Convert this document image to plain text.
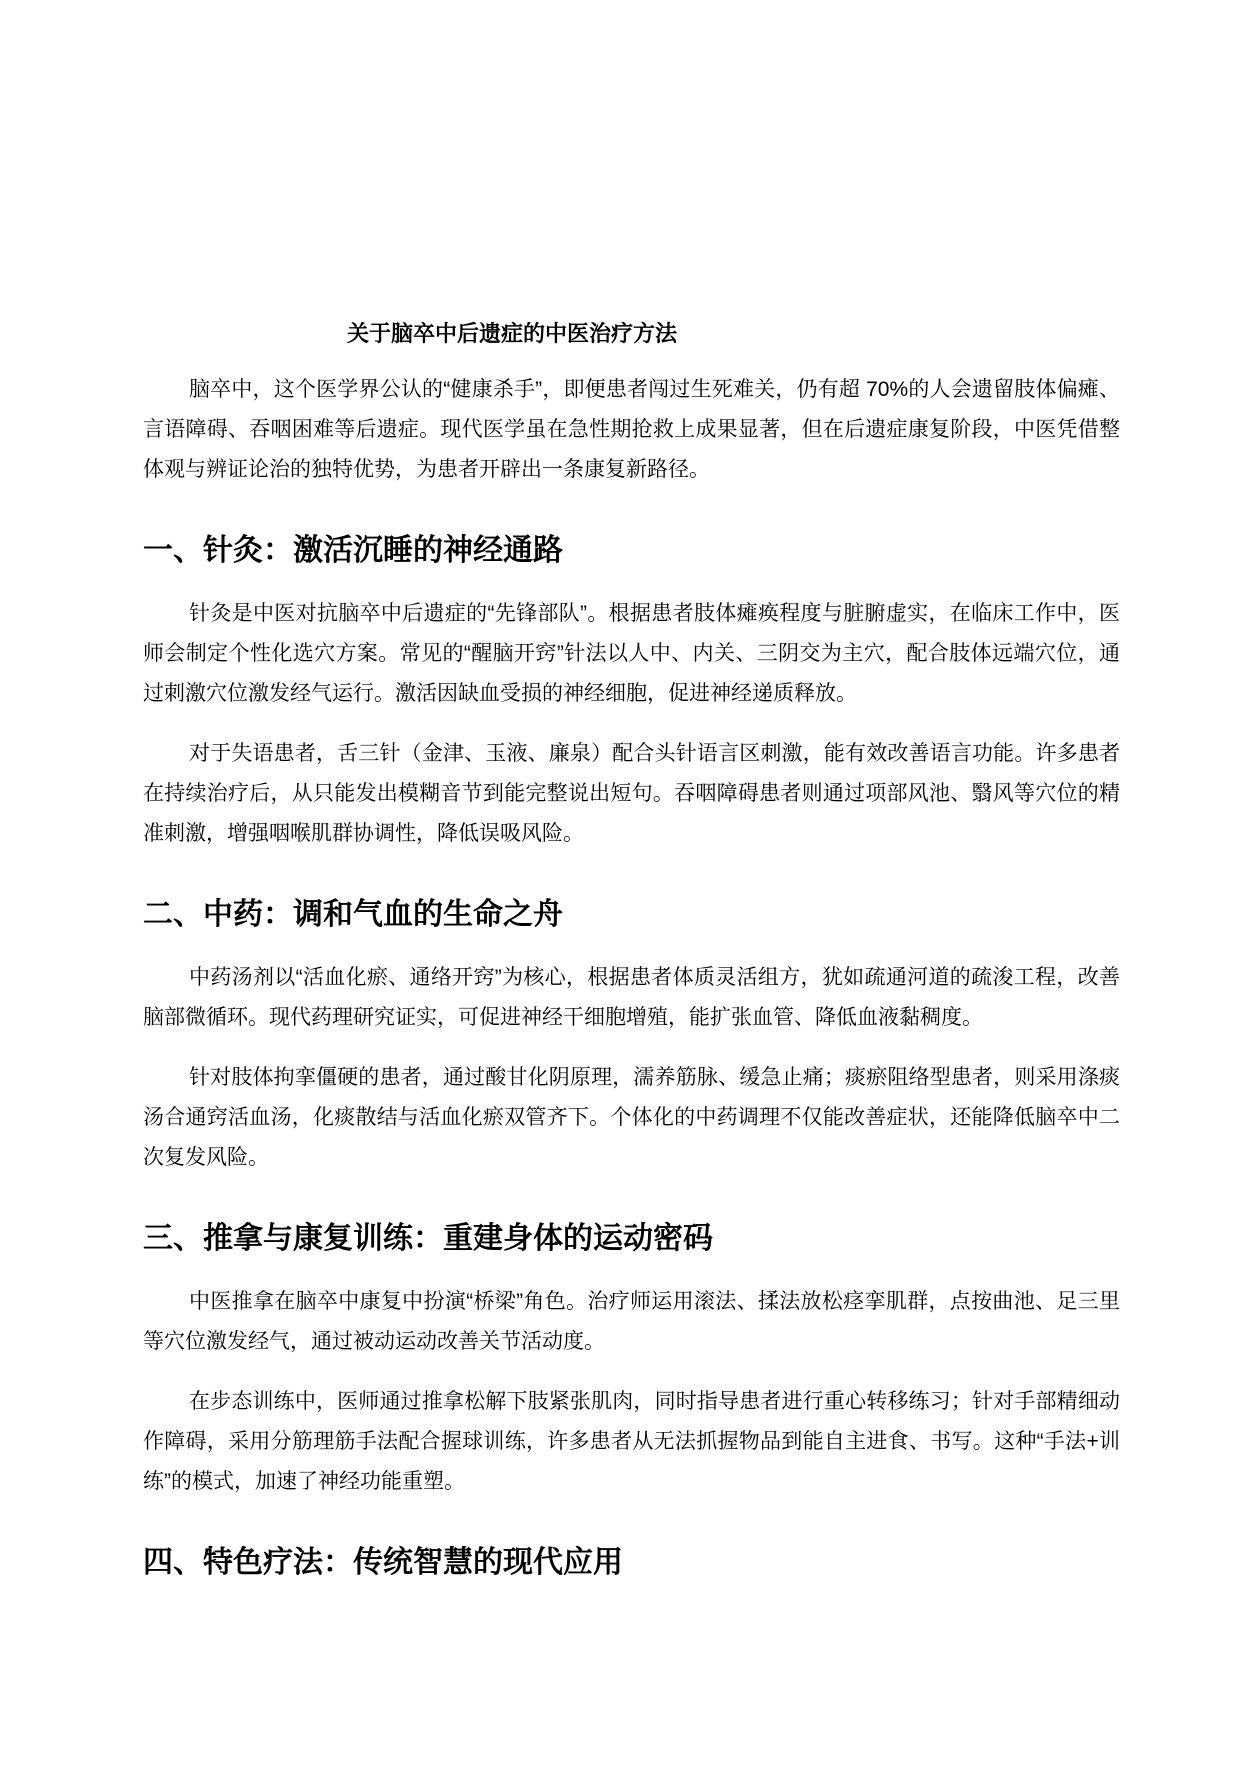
关于脑卒中后遗症的中医治疗方法

脑卒中，这个医学界公认的“健康杀手”，即便患者闯过生死难关，仍有超 70%的人会遗留肢体偏瘫、言语障碍、吞咽困难等后遗症。现代医学虽在急性期抢救上成果显著，但在后遗症康复阶段，中医凭借整体观与辨证论治的独特优势，为患者开辟出一条康复新路径。

一、针灸：激活沉睡的神经通路

针灸是中医对抗脑卒中后遗症的“先锋部队”。根据患者肢体瘫痪程度与脏腑虚实，在临床工作中，医师会制定个性化选穴方案。常见的“醒脑开窍”针法以人中、内关、三阴交为主穴，配合肢体远端穴位，通过刺激穴位激发经气运行。激活因缺血受损的神经细胞，促进神经递质释放。

对于失语患者，舌三针（金津、玉液、廉泉）配合头针语言区刺激，能有效改善语言功能。许多患者在持续治疗后，从只能发出模糊音节到能完整说出短句。吞咽障碍患者则通过项部风池、翳风等穴位的精准刺激，增强咽喉肌群协调性，降低误吸风险。

二、中药：调和气血的生命之舟

中药汤剂以“活血化瘀、通络开窍”为核心，根据患者体质灵活组方，犹如疏通河道的疏浚工程，改善脑部微循环。现代药理研究证实，可促进神经干细胞增殖，能扩张血管、降低血液黏稠度。

针对肢体拘挛僵硬的患者，通过酸甘化阴原理，濡养筋脉、缓急止痛；痰瘀阻络型患者，则采用涤痰汤合通窍活血汤，化痰散结与活血化瘀双管齐下。个体化的中药调理不仅能改善症状，还能降低脑卒中二次复发风险。

三、推拿与康复训练：重建身体的运动密码

中医推拿在脑卒中康复中扮演“桥梁”角色。治疗师运用滚法、揉法放松痉挛肌群，点按曲池、足三里等穴位激发经气，通过被动运动改善关节活动度。

在步态训练中，医师通过推拿松解下肢紧张肌肉，同时指导患者进行重心转移练习；针对手部精细动作障碍，采用分筋理筋手法配合握球训练，许多患者从无法抓握物品到能自主进食、书写。这种“手法+训练”的模式，加速了神经功能重塑。

四、特色疗法：传统智慧的现代应用
